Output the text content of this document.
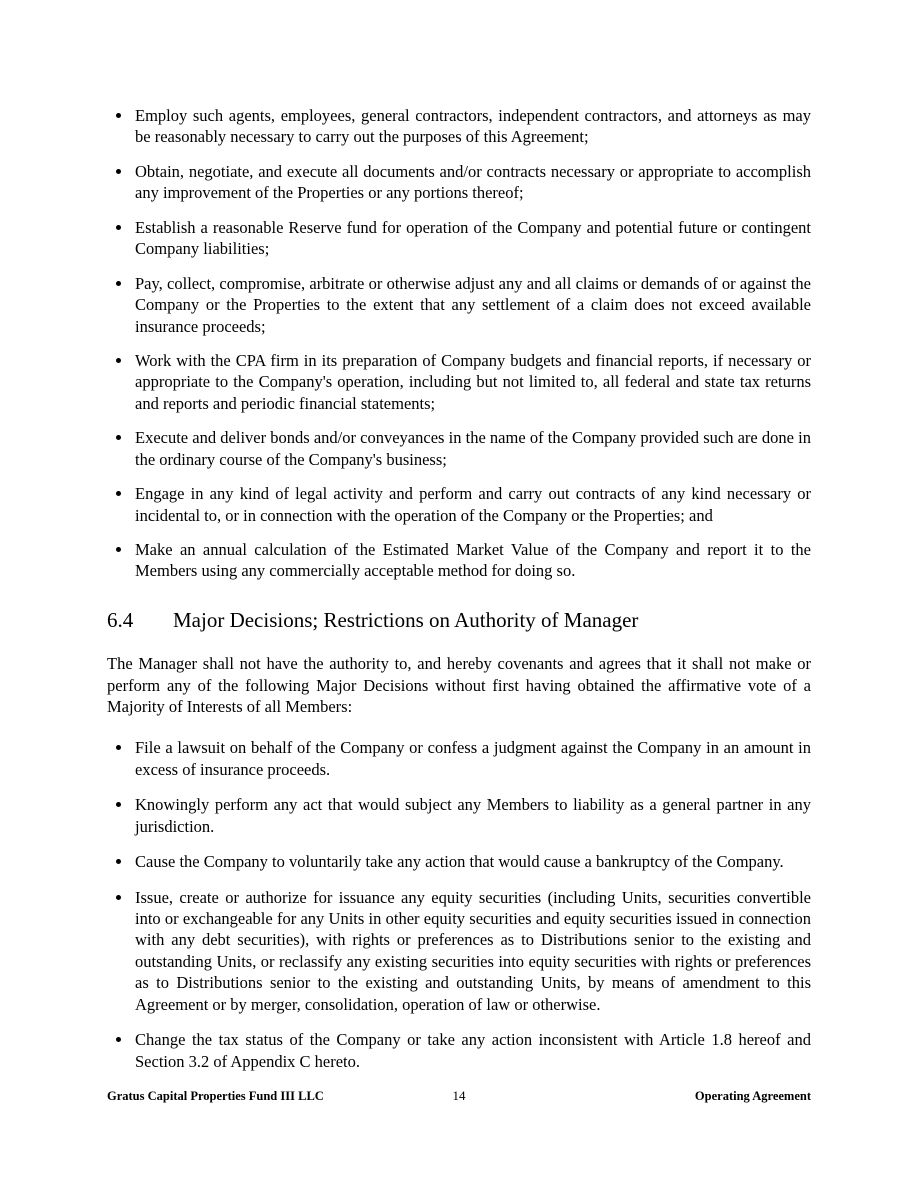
• Employ such agents, employees, general contractors, independent contractors, and attorneys as may be reasonably necessary to carry out the purposes of this Agreement;
• Obtain, negotiate, and execute all documents and/or contracts necessary or appropriate to accomplish any improvement of the Properties or any portions thereof;
• Establish a reasonable Reserve fund for operation of the Company and potential future or contingent Company liabilities;
• Pay, collect, compromise, arbitrate or otherwise adjust any and all claims or demands of or against the Company or the Properties to the extent that any settlement of a claim does not exceed available insurance proceeds;
• Work with the CPA firm in its preparation of Company budgets and financial reports, if necessary or appropriate to the Company's operation, including but not limited to, all federal and state tax returns and reports and periodic financial statements;
• Execute and deliver bonds and/or conveyances in the name of the Company provided such are done in the ordinary course of the Company's business;
• Engage in any kind of legal activity and perform and carry out contracts of any kind necessary or incidental to, or in connection with the operation of the Company or the Properties; and
• Make an annual calculation of the Estimated Market Value of the Company and report it to the Members using any commercially acceptable method for doing so.
6.4 Major Decisions; Restrictions on Authority of Manager

The Manager shall not have the authority to, and hereby covenants and agrees that it shall not make or perform any of the following Major Decisions without first having obtained the affirmative vote of a Majority of Interests of all Members:

• File a lawsuit on behalf of the Company or confess a judgment against the Company in an amount in excess of insurance proceeds.
• Knowingly perform any act that would subject any Members to liability as a general partner in any jurisdiction.
• Cause the Company to voluntarily take any action that would cause a bankruptcy of the Company.
• Issue, create or authorize for issuance any equity securities (including Units, securities convertible into or exchangeable for any Units in other equity securities and equity securities issued in connection with any debt securities), with rights or preferences as to Distributions senior to the existing and outstanding Units, or reclassify any existing securities into equity securities with rights or preferences as to Distributions senior to the existing and outstanding Units, by means of amendment to this Agreement or by merger, consolidation, operation of law or otherwise.
• Change the tax status of the Company or take any action inconsistent with Article 1.8 hereof and Section 3.2 of Appendix C hereto.
14
Gratus Capital Properties Fund III LLC	Operating Agreement
